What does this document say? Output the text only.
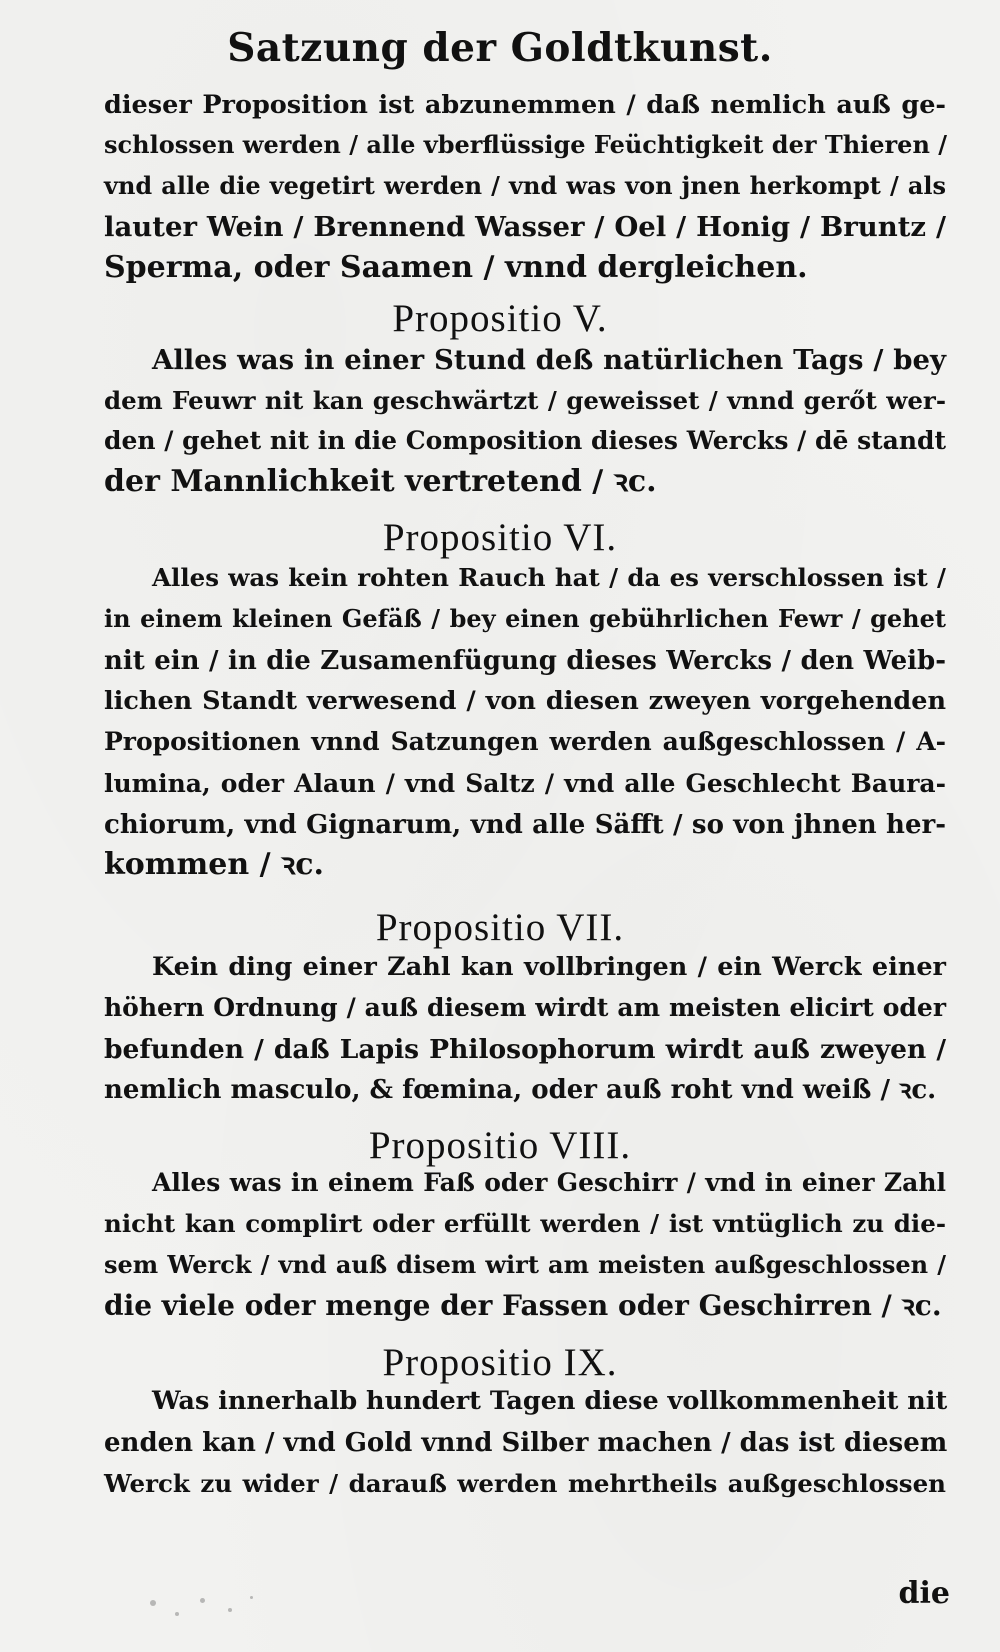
Satzung der Goldtkunst.
dieser Proposition ist abzunemmen / daß nemlich auß ge-
schlossen werden / alle vberflüssige Feüchtigkeit der Thieren /
vnd alle die vegetirt werden / vnd was von jnen herkompt / als
lauter Wein / Brennend Wasser / Oel / Honig / Bruntz /
Sperma, oder Saamen / vnnd dergleichen.
Propositio V.
Alles was in einer Stund deß natürlichen Tags / bey
dem Feuwr nit kan geschwärtzt / geweisset / vnnd gerőt wer-
den / gehet nit in die Composition dieses Wercks / dē standt
der Mannlichkeit vertretend / ꝛc.
Propositio VI.
Alles was kein rohten Rauch hat / da es verschlossen ist /
in einem kleinen Gefäß / bey einen gebührlichen Fewr / gehet
nit ein / in die Zusamenfügung dieses Wercks / den Weib-
lichen Standt verwesend / von diesen zweyen vorgehenden
Propositionen vnnd Satzungen werden außgeschlossen / A-
lumina, oder Alaun / vnd Saltz / vnd alle Geschlecht Baura-
chiorum, vnd Gignarum, vnd alle Säfft / so von jhnen her-
kommen / ꝛc.
Propositio VII.
Kein ding einer Zahl kan vollbringen / ein Werck einer
höhern Ordnung / auß diesem wirdt am meisten elicirt oder
befunden / daß Lapis Philosophorum wirdt auß zweyen /
nemlich masculo, & fœmina, oder auß roht vnd weiß / ꝛc.
Propositio VIII.
Alles was in einem Faß oder Geschirr / vnd in einer Zahl
nicht kan complirt oder erfüllt werden / ist vntüglich zu die-
sem Werck / vnd auß disem wirt am meisten außgeschlossen /
die viele oder menge der Fassen oder Geschirren / ꝛc.
Propositio IX.
Was innerhalb hundert Tagen diese vollkommenheit nit
enden kan / vnd Gold vnnd Silber machen / das ist diesem
Werck zu wider / darauß werden mehrtheils außgeschlossen
die
